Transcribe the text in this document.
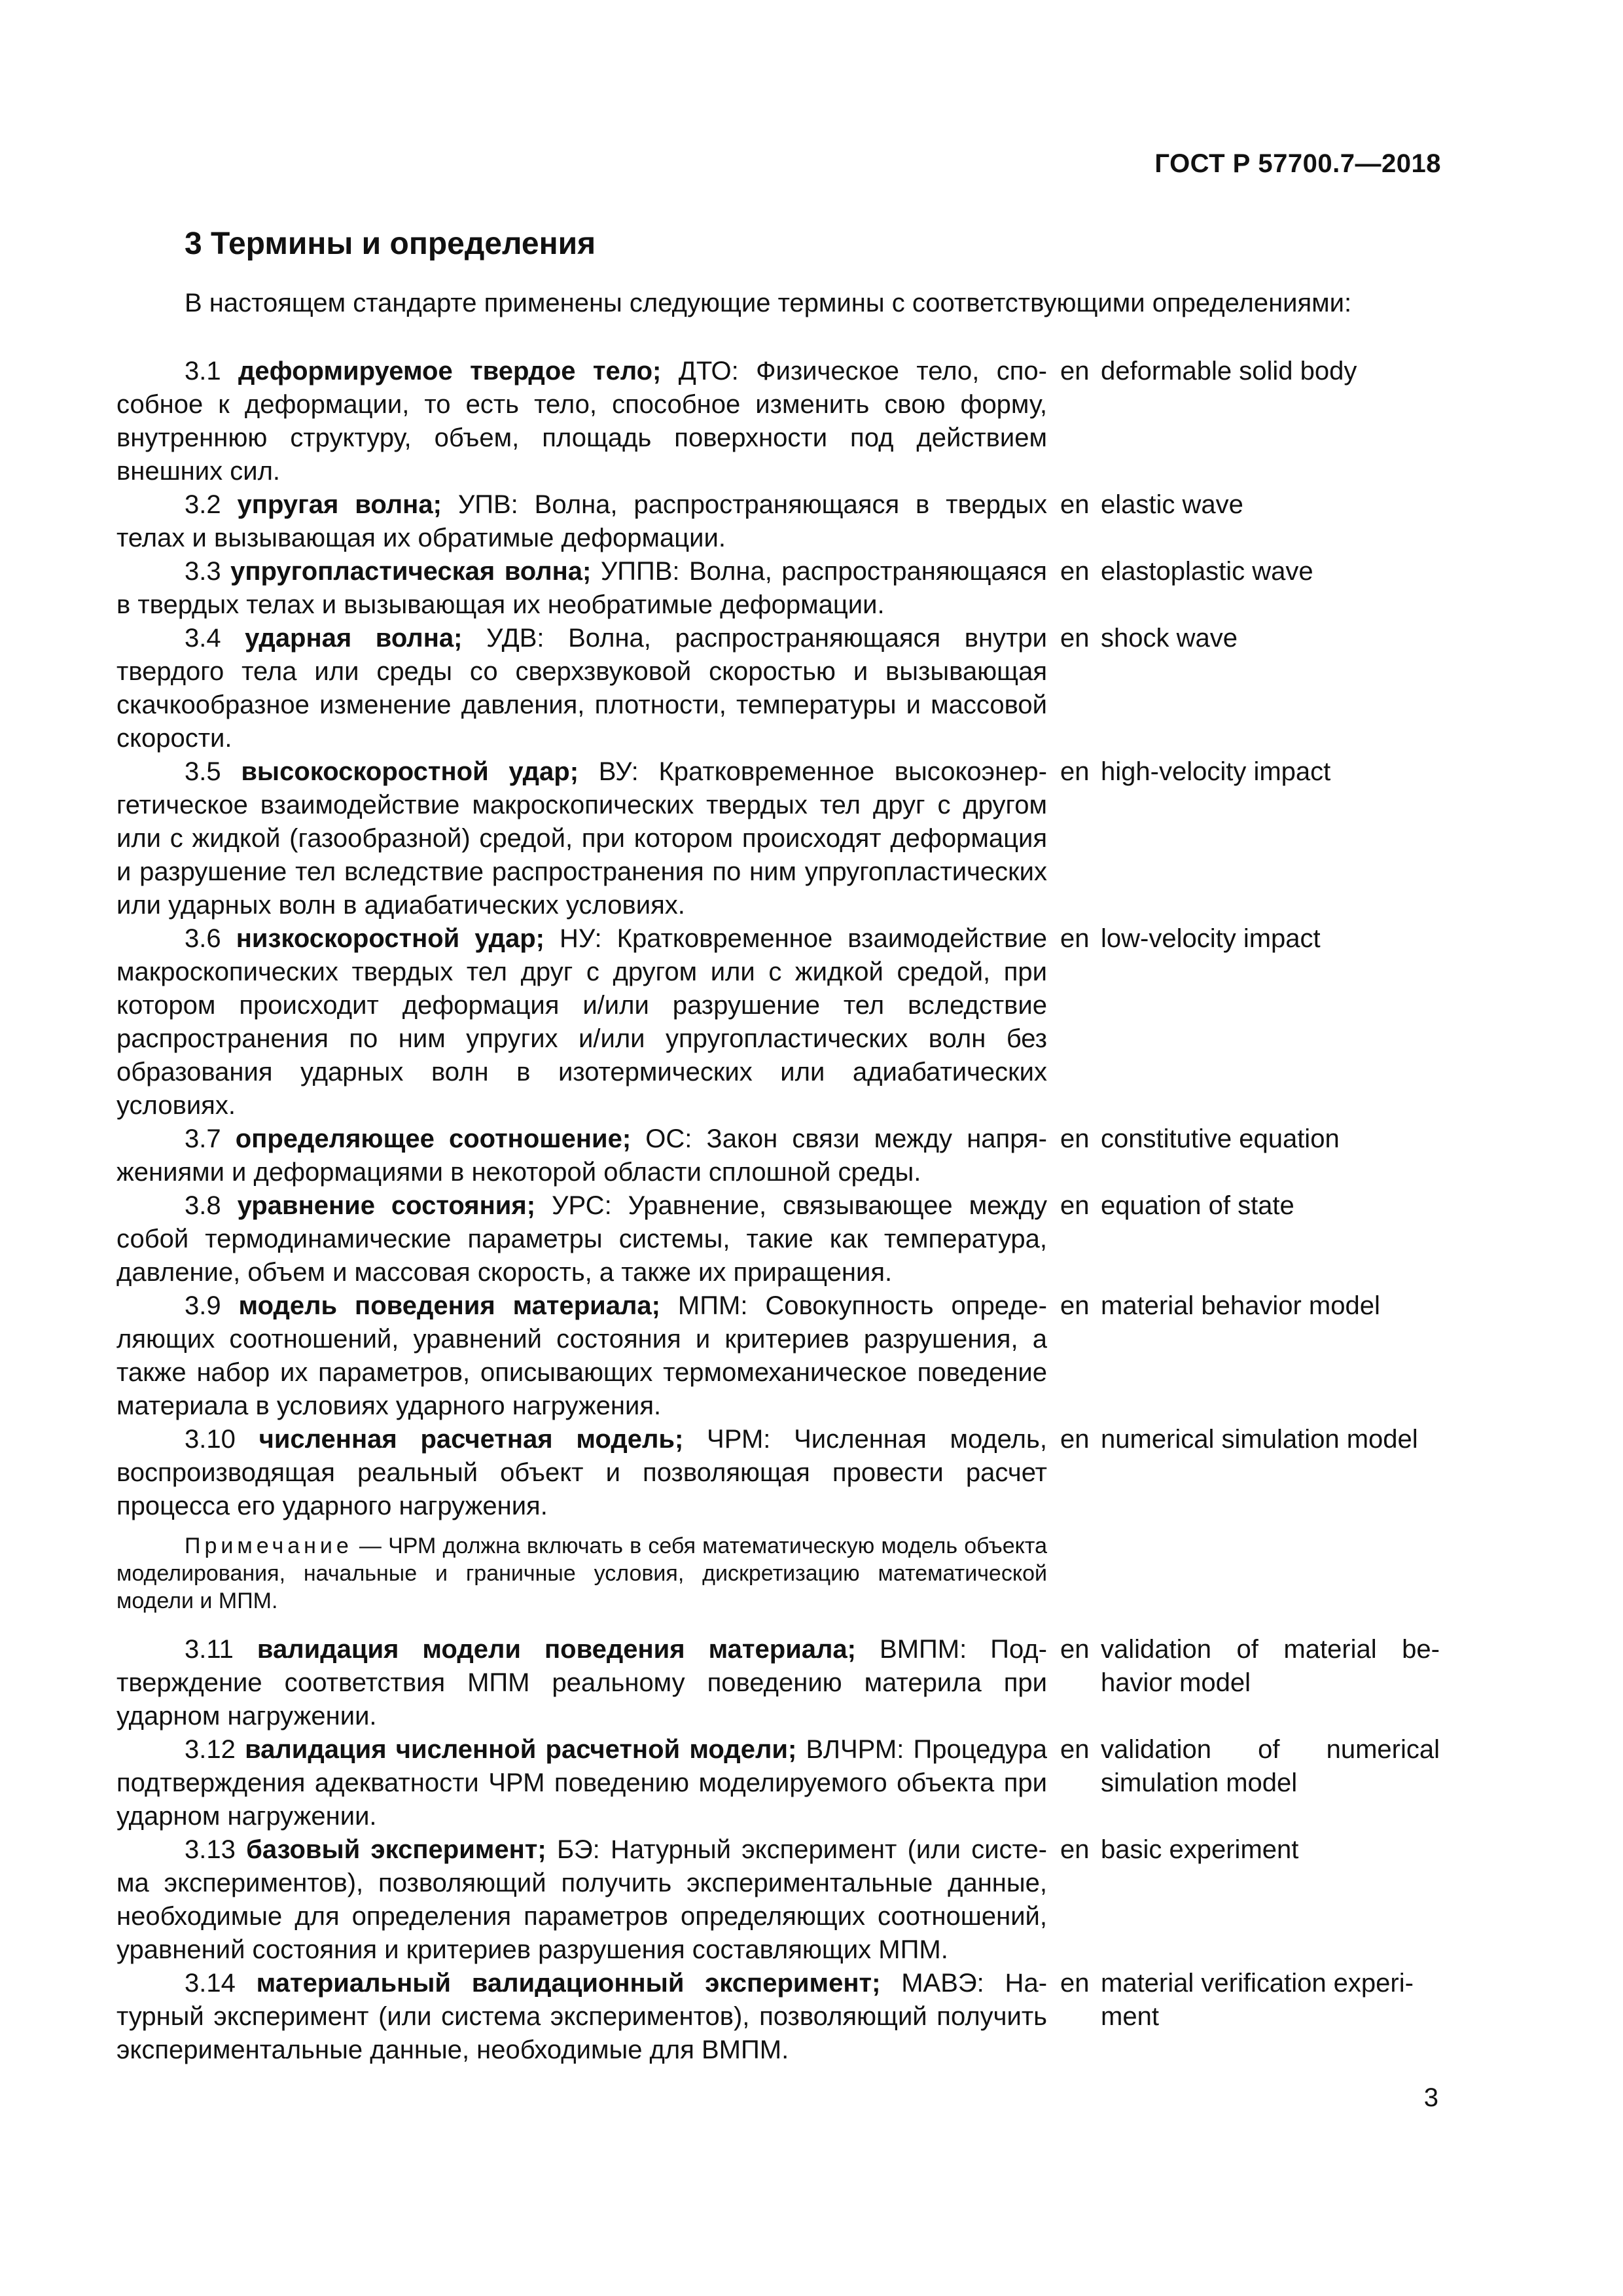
ГОСТ Р 57700.7—2018
3 Термины и определения

В настоящем стандарте применены следующие термины с соответствующими определениями:

3.1 деформируемое твердое тело; ДТО: Физическое тело, способное к деформации, то есть тело, способное изменить свою форму, внутреннюю структуру, объем, площадь поверхности под действием внешних сил.
en deformable solid body
3.2 упругая волна; УПВ: Волна, распространяющаяся в твердых телах и вызывающая их обратимые деформации.
en elastic wave
3.3 упругопластическая волна; УППВ: Волна, распространяющаяся в твердых телах и вызывающая их необратимые деформации.
en elastoplastic wave
3.4 ударная волна; УДВ: Волна, распространяющаяся внутри твердого тела или среды со сверхзвуковой скоростью и вызывающая скачкообразное изменение давления, плотности, температуры и массовой скорости.
en shock wave
3.5 высокоскоростной удар; ВУ: Кратковременное высокоэнергетическое взаимодействие макроскопических твердых тел друг с другом или с жидкой (газообразной) средой, при котором происходят деформация и разрушение тел вследствие распространения по ним упругопластических или ударных волн в адиабатических условиях.
en high-velocity impact
3.6 низкоскоростной удар; НУ: Кратковременное взаимодействие макроскопических твердых тел друг с другом или с жидкой средой, при котором происходит деформация и/или разрушение тел вследствие распространения по ним упругих и/или упругопластических волн без образования ударных волн в изотермических или адиабатических условиях.
en low-velocity impact
3.7 определяющее соотношение; ОС: Закон связи между напряжениями и деформациями в некоторой области сплошной среды.
en constitutive equation
3.8 уравнение состояния; УРС: Уравнение, связывающее между собой термодинамические параметры системы, такие как температура, давление, объем и массовая скорость, а также их приращения.
en equation of state
3.9 модель поведения материала; МПМ: Совокупность определяющих соотношений, уравнений состояния и критериев разрушения, а также набор их параметров, описывающих термомеханическое поведение материала в условиях ударного нагружения.
en material behavior model
3.10 численная расчетная модель; ЧРМ: Численная модель, воспроизводящая реальный объект и позволяющая провести расчет процесса его ударного нагружения.
en numerical simulation model
Примечание — ЧРМ должна включать в себя математическую модель объекта моделирования, начальные и граничные условия, дискретизацию математической модели и МПМ.
3.11 валидация модели поведения материала; ВМПМ: Подтверждение соответствия МПМ реальному поведению материла при ударном нагружении.
en validation of material behavior model
3.12 валидация численной расчетной модели; ВЛЧРМ: Процедура подтверждения адекватности ЧРМ поведению моделируемого объекта при ударном нагружении.
en validation of numerical simulation model
3.13 базовый эксперимент; БЭ: Натурный эксперимент (или система экспериментов), позволяющий получить экспериментальные данные, необходимые для определения параметров определяющих соотношений, уравнений состояния и критериев разрушения составляющих МПМ.
en basic experiment
3.14 материальный валидационный эксперимент; МАВЭ: Натурный эксперимент (или система экспериментов), позволяющий получить экспериментальные данные, необходимые для ВМПМ.
en material verification experiment
3
